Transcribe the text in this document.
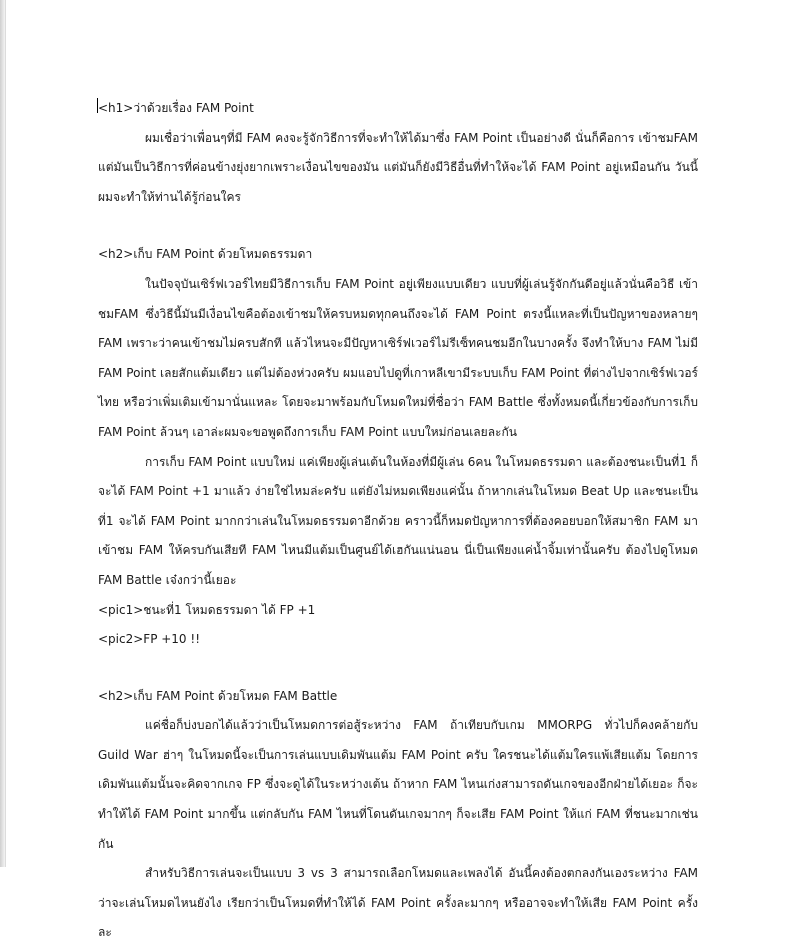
<h1>ว่าด้วยเรื่อง FAM Point

ผมเชื่อว่าเพื่อนๆที่มี FAM คงจะรู้จักวิธีการที่จะทำให้ได้มาซึ่ง FAM Point เป็นอย่างดี นั่นก็คือการ เข้าชมFAM แต่มันเป็นวิธีการที่ค่อนข้างยุ่งยากเพราะเงื่อนไขของมัน แต่มันก็ยังมีวิธีอื่นที่ทำให้จะได้ FAM Point อยู่เหมือนกัน วันนี้ผมจะทำให้ท่านได้รู้ก่อนใคร

<h2>เก็บ FAM Point ด้วยโหมดธรรมดา

ในปัจจุบันเซิร์ฟเวอร์ไทยมีวิธีการเก็บ FAM Point อยู่เพียงแบบเดียว แบบที่ผู้เล่นรู้จักกันดีอยู่แล้วนั่นคือวิธี เข้าชมFAM ซึ่งวิธีนี้มันมีเงื่อนไขคือต้องเข้าชมให้ครบหมดทุกคนถึงจะได้ FAM Point ตรงนี้แหละที่เป็นปัญหาของหลายๆ FAM เพราะว่าคนเข้าชมไม่ครบสักที แล้วไหนจะมีปัญหาเซิร์ฟเวอร์ไม่รีเซ็ทคนชมอีกในบางครั้ง จึงทำให้บาง FAM ไม่มี FAM Point เลยสักแต้มเดียว แต่ไม่ต้องห่วงครับ ผมแอบไปดูที่เกาหลีเขามีระบบเก็บ FAM Point ที่ต่างไปจากเซิร์ฟเวอร์ไทย หรือว่าเพิ่มเติมเข้ามานั่นแหละ โดยจะมาพร้อมกับโหมดใหม่ที่ชื่อว่า FAM Battle ซึ่งทั้งหมดนี้เกี่ยวข้องกับการเก็บ FAM Point ล้วนๆ เอาล่ะผมจะขอพูดถึงการเก็บ FAM Point แบบใหม่ก่อนเลยละกัน

การเก็บ FAM Point แบบใหม่ แค่เพียงผู้เล่นเต้นในห้องที่มีผู้เล่น 6คน ในโหมดธรรมดา และต้องชนะเป็นที่1 ก็จะได้ FAM Point +1 มาแล้ว ง่ายใช่ไหมล่ะครับ แต่ยังไม่หมดเพียงแค่นั้น ถ้าหากเล่นในโหมด Beat Up และชนะเป็นที่1 จะได้ FAM Point มากกว่าเล่นในโหมดธรรมดาอีกด้วย คราวนี้ก็หมดปัญหาการที่ต้องคอยบอกให้สมาชิก FAM มาเข้าชม FAM ให้ครบกันเสียที FAM ไหนมีแต้มเป็นศูนย์ได้เฮกันแน่นอน นี่เป็นเพียงแค่น้ำจิ้มเท่านั้นครับ ต้องไปดูโหมด FAM Battle เจ๋งกว่านี้เยอะ

<pic1>ชนะที่1 โหมดธรรมดา ได้ FP +1

<pic2>FP +10 !!

<h2>เก็บ FAM Point ด้วยโหมด FAM Battle

แค่ชื่อก็บ่งบอกได้แล้วว่าเป็นโหมดการต่อสู้ระหว่าง FAM ถ้าเทียบกับเกม MMORPG ทั่วไปก็คงคล้ายกับ Guild War ฮ่าๆ ในโหมดนี้จะเป็นการเล่นแบบเดิมพันแต้ม FAM Point ครับ ใครชนะได้แต้มใครแพ้เสียแต้ม โดยการเดิมพันแต้มนั้นจะคิดจากเกจ FP ซึ่งจะดูได้ในระหว่างเต้น ถ้าหาก FAM ไหนเก่งสามารถดันเกจของอีกฝ่ายได้เยอะ ก็จะทำให้ได้ FAM Point มากขึ้น แต่กลับกัน FAM ไหนที่โดนดันเกจมากๆ ก็จะเสีย FAM Point ให้แก่ FAM ที่ชนะมากเช่นกัน

สำหรับวิธีการเล่นจะเป็นแบบ 3 vs 3 สามารถเลือกโหมดและเพลงได้ อันนี้คงต้องตกลงกันเองระหว่าง FAM ว่าจะเล่นโหมดไหนยังไง เรียกว่าเป็นโหมดที่ทำให้ได้ FAM Point ครั้งละมากๆ หรืออาจจะทำให้เสีย FAM Point ครั้งละ
